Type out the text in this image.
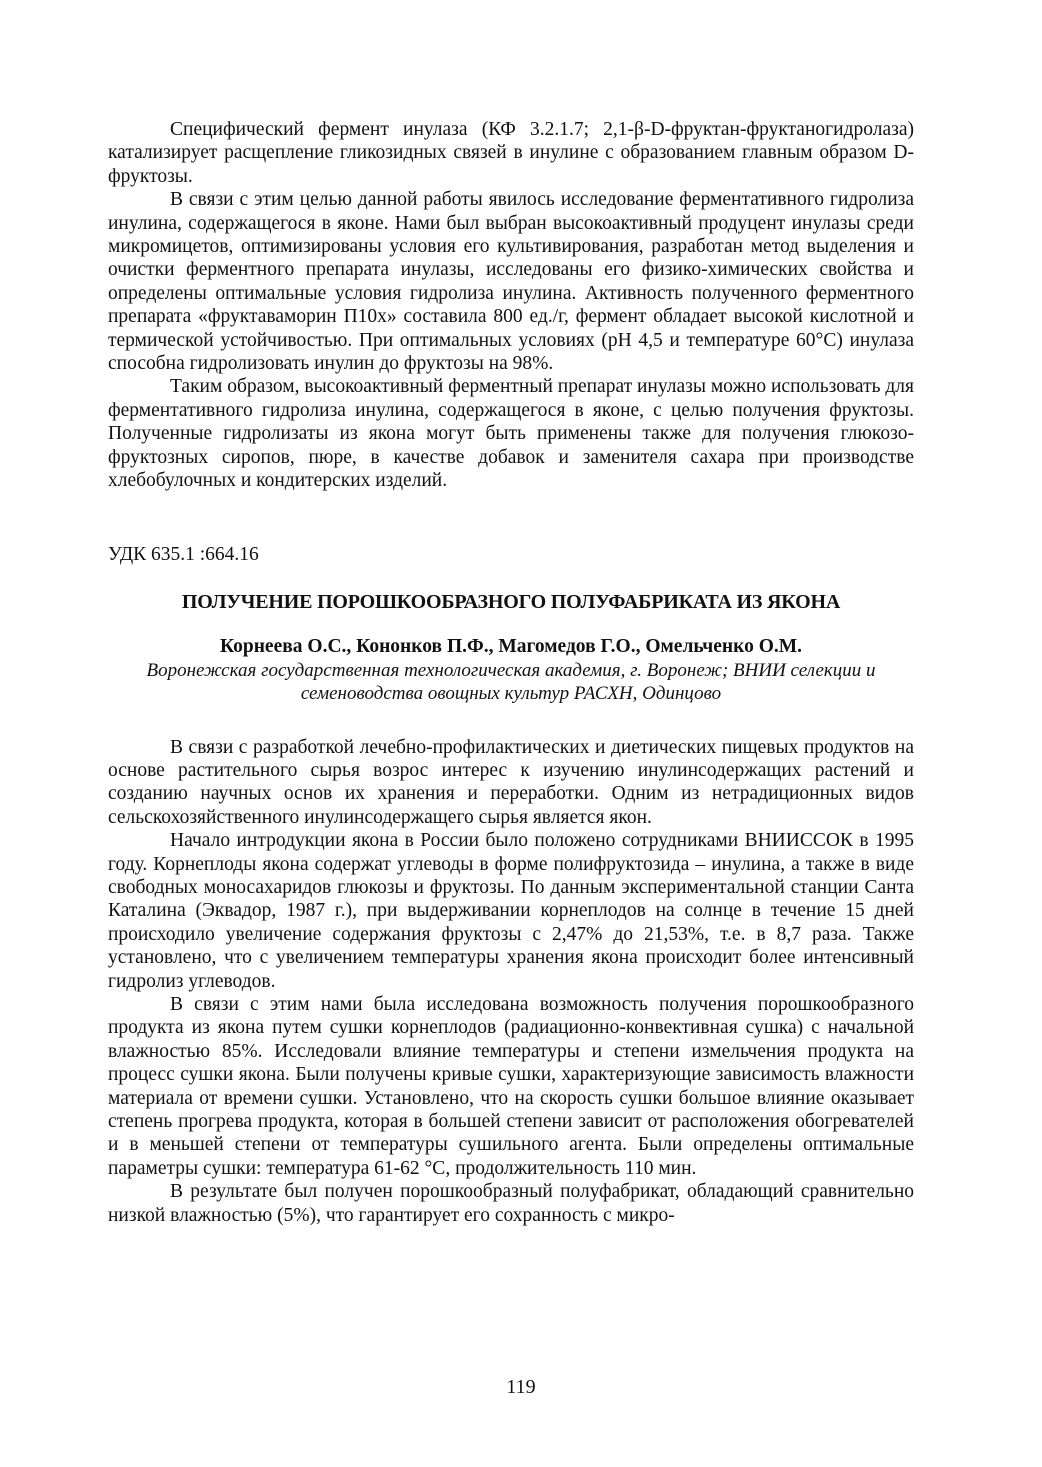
Специфический фермент инулаза (КФ 3.2.1.7; 2,1-β-D-фруктан-фруктаногидролаза) катализирует расщепление гликозидных связей в инулине с образованием главным образом D-фруктозы.

В связи с этим целью данной работы явилось исследование ферментативного гидролиза инулина, содержащегося в яконе. Нами был выбран высокоактивный продуцент инулазы среди микромицетов, оптимизированы условия его культивирования, разработан метод выделения и очистки ферментного препарата инулазы, исследованы его физико-химических свойства и определены оптимальные условия гидролиза инулина. Активность полученного ферментного препарата «фруктаваморин П10х» составила 800 ед./г, фермент обладает высокой кислотной и термической устойчивостью. При оптимальных условиях (рН 4,5 и температуре 60°С) инулаза способна гидролизовать инулин до фруктозы на 98%.

Таким образом, высокоактивный ферментный препарат инулазы можно использовать для ферментативного гидролиза инулина, содержащегося в яконе, с целью получения фруктозы. Полученные гидролизаты из якона могут быть применены также для получения глюкозо-фруктозных сиропов, пюре, в качестве добавок и заменителя сахара при производстве хлебобулочных и кондитерских изделий.

УДК 635.1 :664.16

ПОЛУЧЕНИЕ ПОРОШКООБРАЗНОГО ПОЛУФАБРИКАТА ИЗ ЯКОНА
Корнеева О.С., Кононков П.Ф., Магомедов Г.О., Омельченко О.М.
Воронежская государственная технологическая академия, г. Воронеж; ВНИИ селекции и семеноводства овощных культур РАСХН, Одинцово

В связи с разработкой лечебно-профилактических и диетических пищевых продуктов на основе растительного сырья возрос интерес к изучению инулинсодержащих растений и созданию научных основ их хранения и переработки. Одним из нетрадиционных видов сельскохозяйственного инулинсодержащего сырья является якон.

Начало интродукции якона в России было положено сотрудниками ВНИИССОК в 1995 году. Корнеплоды якона содержат углеводы в форме полифруктозида – инулина, а также в виде свободных моносахаридов глюкозы и фруктозы. По данным экспериментальной станции Санта Каталина (Эквадор, 1987 г.), при выдерживании корнеплодов на солнце в течение 15 дней происходило увеличение содержания фруктозы с 2,47% до 21,53%, т.е. в 8,7 раза. Также установлено, что с увеличением температуры хранения якона происходит более интенсивный гидролиз углеводов.

В связи с этим нами была исследована возможность получения порошкообразного продукта из якона путем сушки корнеплодов (радиационно-конвективная сушка) с начальной влажностью 85%. Исследовали влияние температуры и степени измельчения продукта на процесс сушки якона. Были получены кривые сушки, характеризующие зависимость влажности материала от времени сушки. Установлено, что на скорость сушки большое влияние оказывает степень прогрева продукта, которая в большей степени зависит от расположения обогревателей и в меньшей степени от температуры сушильного агента. Были определены оптимальные параметры сушки: температура 61-62 °С, продолжительность 110 мин.

В результате был получен порошкообразный полуфабрикат, обладающий сравнительно низкой влажностью (5%), что гарантирует его сохранность с микро-

119
